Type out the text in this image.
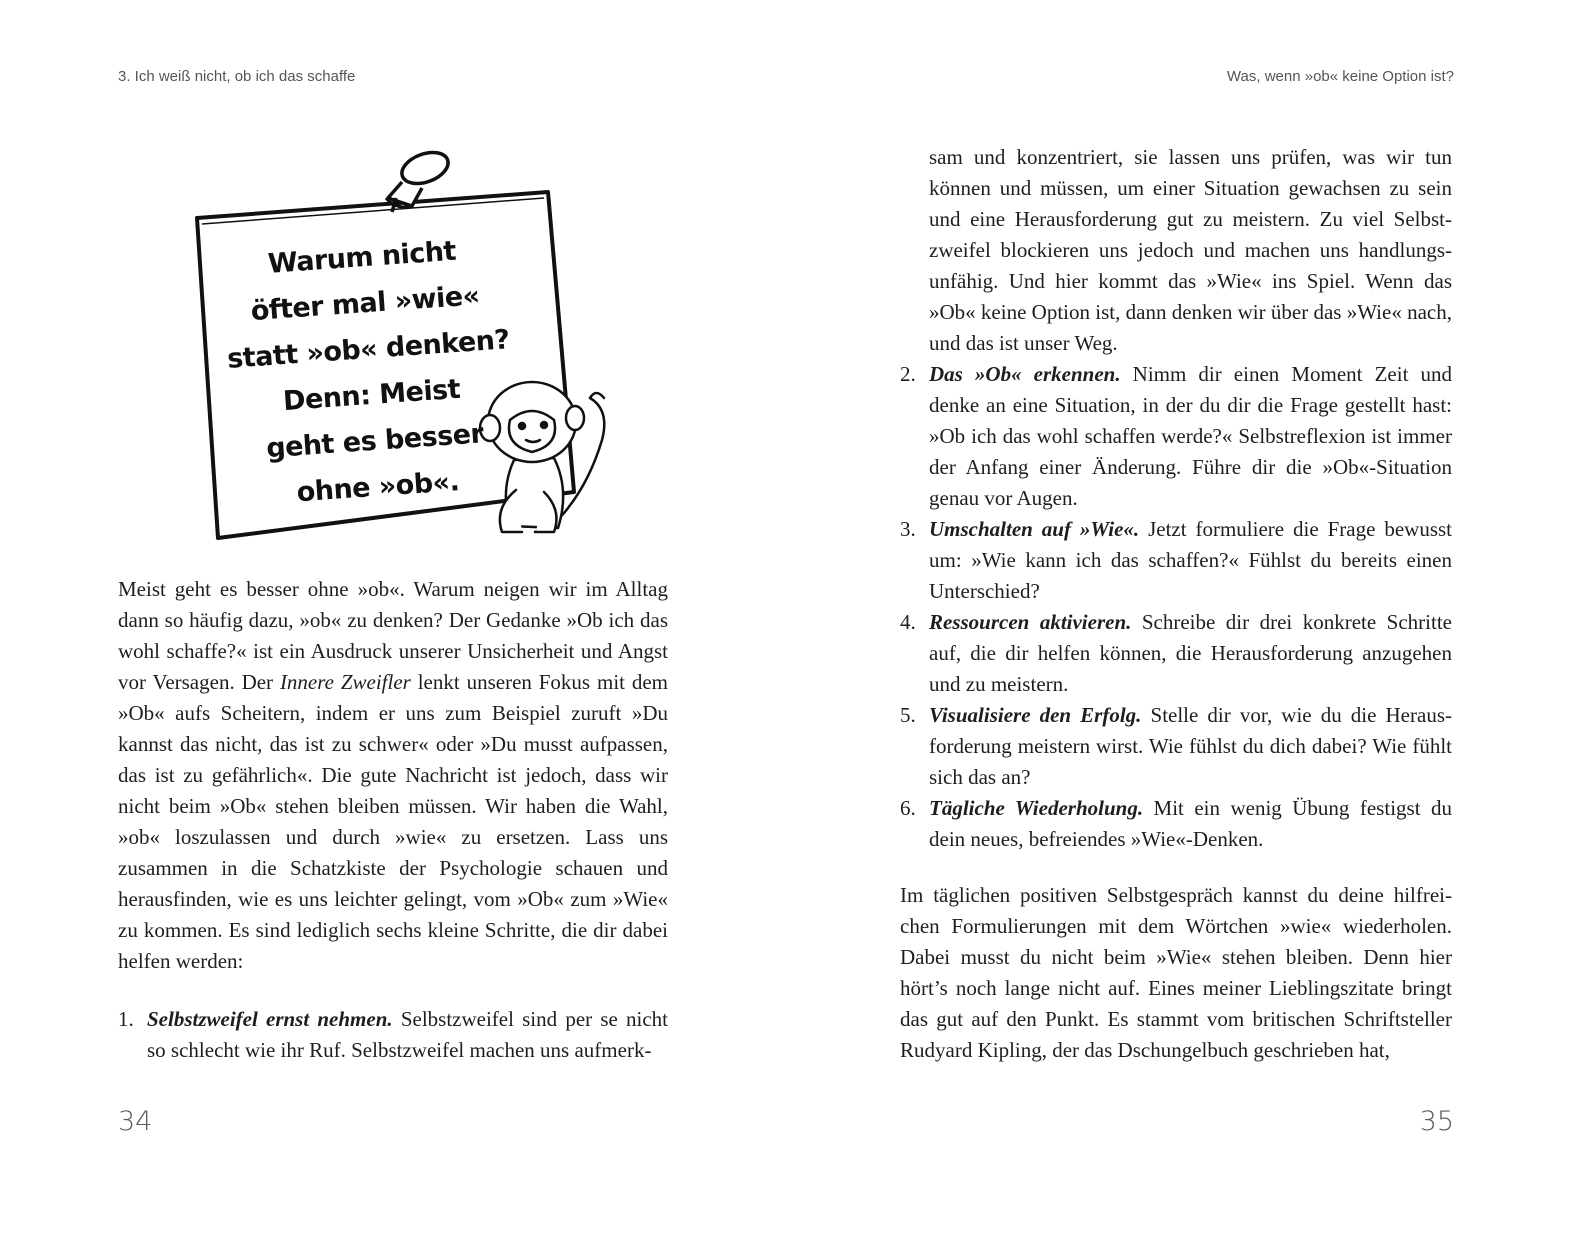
3. Ich weiß nicht, ob ich das schaffe
Warum nicht
öfter mal »wie«
statt »ob« denken?
Denn: Meist
geht es besser
ohne »ob«.

Meist geht es besser ohne »ob«. Warum neigen wir im Alltag dann so häufig dazu, »ob« zu denken? Der Gedanke »Ob ich das wohl schaffe?« ist ein Ausdruck unserer Unsicherheit und Angst vor Versagen. Der Innere Zweifler lenkt unseren Fokus mit dem »Ob« aufs Scheitern, indem er uns zum Beispiel zuruft »Du kannst das nicht, das ist zu schwer« oder »Du musst aufpassen, das ist zu gefährlich«. Die gute Nachricht ist jedoch, dass wir nicht beim »Ob« stehen bleiben müssen. Wir haben die Wahl, »ob« loszulassen und durch »wie« zu ersetzen. Lass uns zusammen in die Schatzkiste der Psychologie schauen und herausfinden, wie es uns leichter gelingt, vom »Ob« zum »Wie« zu kommen. Es sind lediglich sechs kleine Schritte, die dir dabei helfen werden:

1. Selbstzweifel ernst nehmen. Selbstzweifel sind per se nicht so schlecht wie ihr Ruf. Selbstzweifel machen uns aufmerk-
34
Was, wenn »ob« keine Option ist?

sam und konzentriert, sie lassen uns prüfen, was wir tun können und müssen, um einer Situation gewachsen zu sein und eine Herausforderung gut zu meistern. Zu viel Selbstzweifel blockieren uns jedoch und machen uns handlungsunfähig. Und hier kommt das »Wie« ins Spiel. Wenn das »Ob« keine Option ist, dann denken wir über das »Wie« nach, und das ist unser Weg.

2. Das »Ob« erkennen. Nimm dir einen Moment Zeit und denke an eine Situation, in der du dir die Frage gestellt hast: »Ob ich das wohl schaffen werde?« Selbstreflexion ist immer der Anfang einer Änderung. Führe dir die »Ob«-Situation genau vor Augen.
3. Umschalten auf »Wie«. Jetzt formuliere die Frage bewusst um: »Wie kann ich das schaffen?« Fühlst du bereits einen Unterschied?
4. Ressourcen aktivieren. Schreibe dir drei konkrete Schritte auf, die dir helfen können, die Herausforderung anzugehen und zu meistern.
5. Visualisiere den Erfolg. Stelle dir vor, wie du die Herausforderung meistern wirst. Wie fühlst du dich dabei? Wie fühlt sich das an?
6. Tägliche Wiederholung. Mit ein wenig Übung festigst du dein neues, befreiendes »Wie«-Denken.

Im täglichen positiven Selbstgespräch kannst du deine hilfreichen Formulierungen mit dem Wörtchen »wie« wiederholen. Dabei musst du nicht beim »Wie« stehen bleiben. Denn hier hört’s noch lange nicht auf. Eines meiner Lieblingszitate bringt das gut auf den Punkt. Es stammt vom britischen Schriftsteller Rudyard Kipling, der das Dschungelbuch geschrieben hat,

35
